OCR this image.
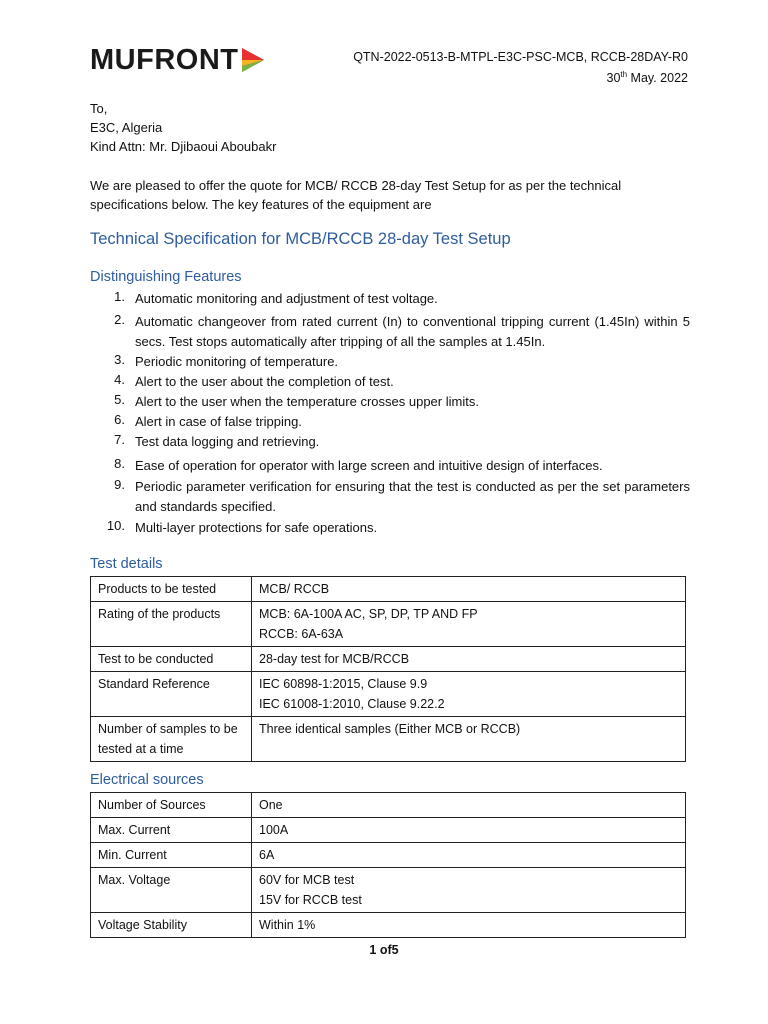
MUFRONT	QTN-2022-0513-B-MTPL-E3C-PSC-MCB, RCCB-28DAY-R0
30th May. 2022
To,
E3C, Algeria
Kind Attn: Mr. Djibaoui Aboubakr
We are pleased to offer the quote for MCB/ RCCB 28-day Test Setup for as per the technical specifications below. The key features of the equipment are
Technical Specification for MCB/RCCB 28-day Test Setup
Distinguishing Features
1. Automatic monitoring and adjustment of test voltage.
2. Automatic changeover from rated current (In) to conventional tripping current (1.45In) within 5 secs. Test stops automatically after tripping of all the samples at 1.45In.
3. Periodic monitoring of temperature.
4. Alert to the user about the completion of test.
5. Alert to the user when the temperature crosses upper limits.
6. Alert in case of false tripping.
7. Test data logging and retrieving.
8. Ease of operation for operator with large screen and intuitive design of interfaces.
9. Periodic parameter verification for ensuring that the test is conducted as per the set parameters and standards specified.
10. Multi-layer protections for safe operations.
Test details
Products to be tested	MCB/ RCCB

Rating of the products	MCB: 6A-100A AC, SP, DP, TP AND FP
RCCB: 6A-63A

Test to be conducted	28-day test for MCB/RCCB

Standard Reference	IEC 60898-1:2015, Clause 9.9
IEC 61008-1:2010, Clause 9.22.2

Number of samples to be tested at a time	Three identical samples (Either MCB or RCCB)
Electrical sources
Number of Sources	One

Max. Current	100A

Min. Current	6A

Max. Voltage	60V for MCB test
15V for RCCB test

Voltage Stability	Within 1%
1 of5
